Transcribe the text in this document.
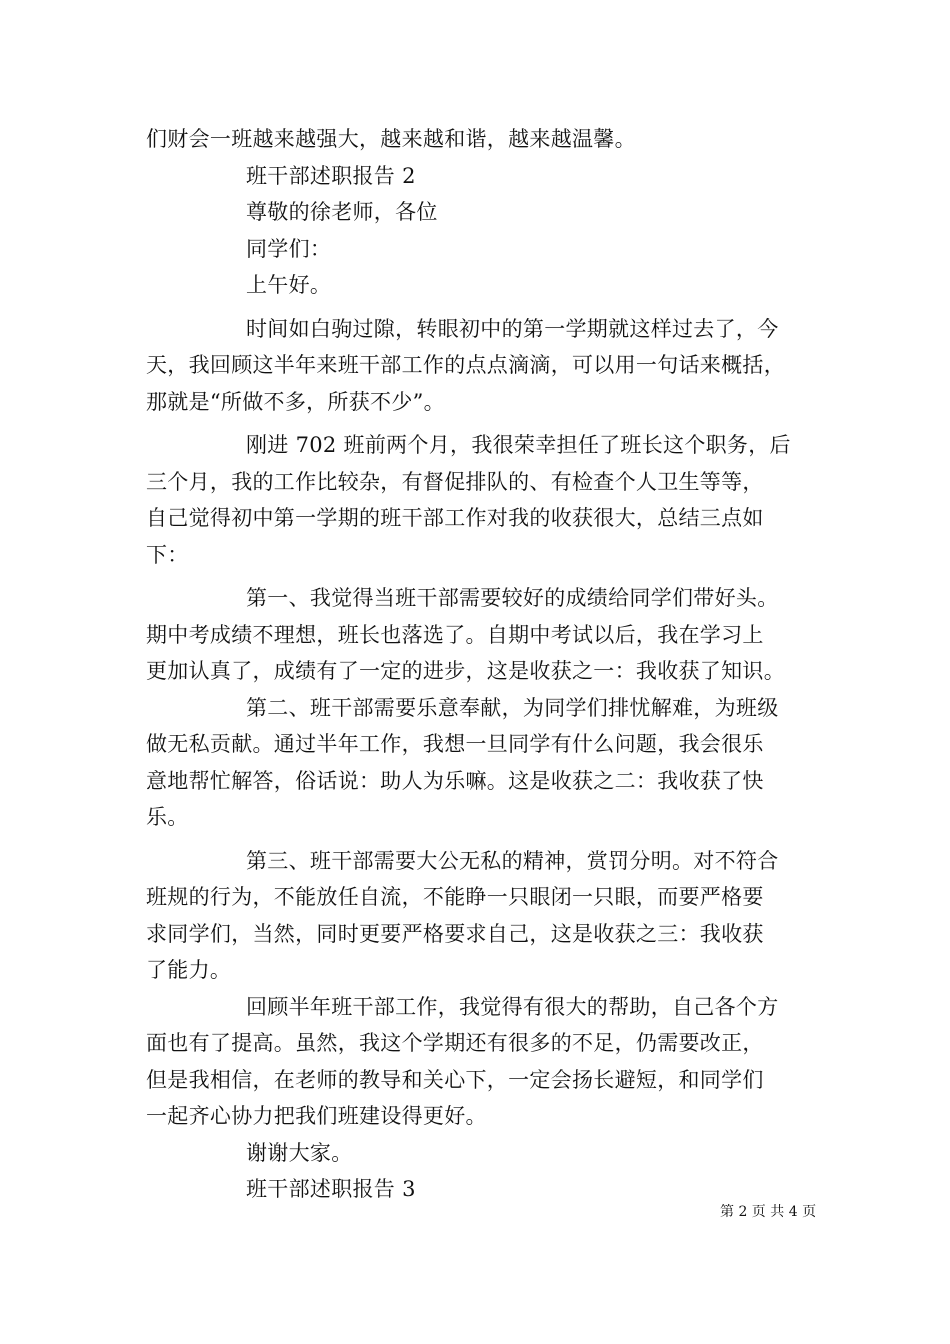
们财会一班越来越强大，越来越和谐，越来越温馨。
班干部述职报告 2
尊敬的徐老师，各位
同学们：
上午好。
时间如白驹过隙，转眼初中的第一学期就这样过去了，今
天，我回顾这半年来班干部工作的点点滴滴，可以用一句话来概括，
那就是“所做不多，所获不少”。
刚进 702 班前两个月，我很荣幸担任了班长这个职务，后
三个月，我的工作比较杂，有督促排队的、有检查个人卫生等等，
自己觉得初中第一学期的班干部工作对我的收获很大，总结三点如
下：
第一、我觉得当班干部需要较好的成绩给同学们带好头。
期中考成绩不理想，班长也落选了。自期中考试以后，我在学习上
更加认真了，成绩有了一定的进步，这是收获之一：我收获了知识。
第二、班干部需要乐意奉献，为同学们排忧解难，为班级
做无私贡献。通过半年工作，我想一旦同学有什么问题，我会很乐
意地帮忙解答，俗话说：助人为乐嘛。这是收获之二：我收获了快
乐。
第三、班干部需要大公无私的精神，赏罚分明。对不符合
班规的行为，不能放任自流，不能睁一只眼闭一只眼，而要严格要
求同学们，当然，同时更要严格要求自己，这是收获之三：我收获
了能力。
回顾半年班干部工作，我觉得有很大的帮助，自己各个方
面也有了提高。虽然，我这个学期还有很多的不足，仍需要改正，
但是我相信，在老师的教导和关心下，一定会扬长避短，和同学们
一起齐心协力把我们班建设得更好。
谢谢大家。
班干部述职报告 3
第 2 页 共 4 页
